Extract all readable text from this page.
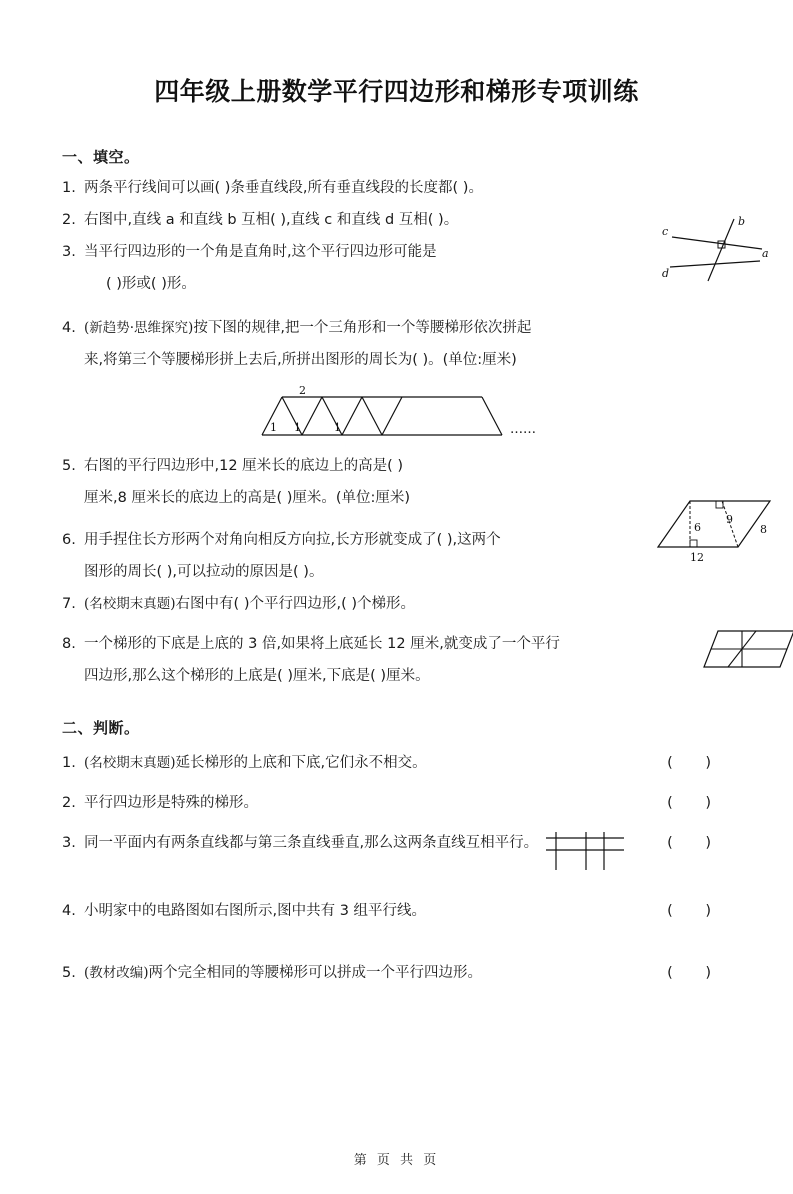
四年级上册数学平行四边形和梯形专项训练
一、填空。
1. 两条平行线间可以画( )条垂直线段,所有垂直线段的长度都( )。
2. 右图中,直线 a 和直线 b 互相( ),直线 c 和直线 d 互相( )。
3. 当平行四边形的一个角是直角时,这个平行四边形可能是
( )形或( )形。
b
a
c
d
4. (新趋势·思维探究)按下图的规律,把一个三角形和一个等腰梯形依次拼起
来,将第三个等腰梯形拼上去后,所拼出图形的周长为( )。(单位:厘米)
1 1
2
1	……
5. 右图的平行四边形中,12 厘米长的底边上的高是( )
厘米,8 厘米长的底边上的高是( )厘米。(单位:厘米)
6
9
8
12
6. 用手捏住长方形两个对角向相反方向拉,长方形就变成了( ),这两个
图形的周长( ),可以拉动的原因是( )。
7. (名校期末真题)右图中有( )个平行四边形,( )个梯形。
8. 一个梯形的下底是上底的 3 倍,如果将上底延长 12 厘米,就变成了一个平行
四边形,那么这个梯形的上底是( )厘米,下底是( )厘米。
二、判断。
1. (名校期末真题)延长梯形的上底和下底,它们永不相交。	( )
2. 平行四边形是特殊的梯形。	( )
3. 同一平面内有两条直线都与第三条直线垂直,那么这两条直线互相平行。	( )
4. 小明家中的电路图如右图所示,图中共有 3 组平行线。	( )
5. (教材改编)两个完全相同的等腰梯形可以拼成一个平行四边形。	( )
第 页 共 页
